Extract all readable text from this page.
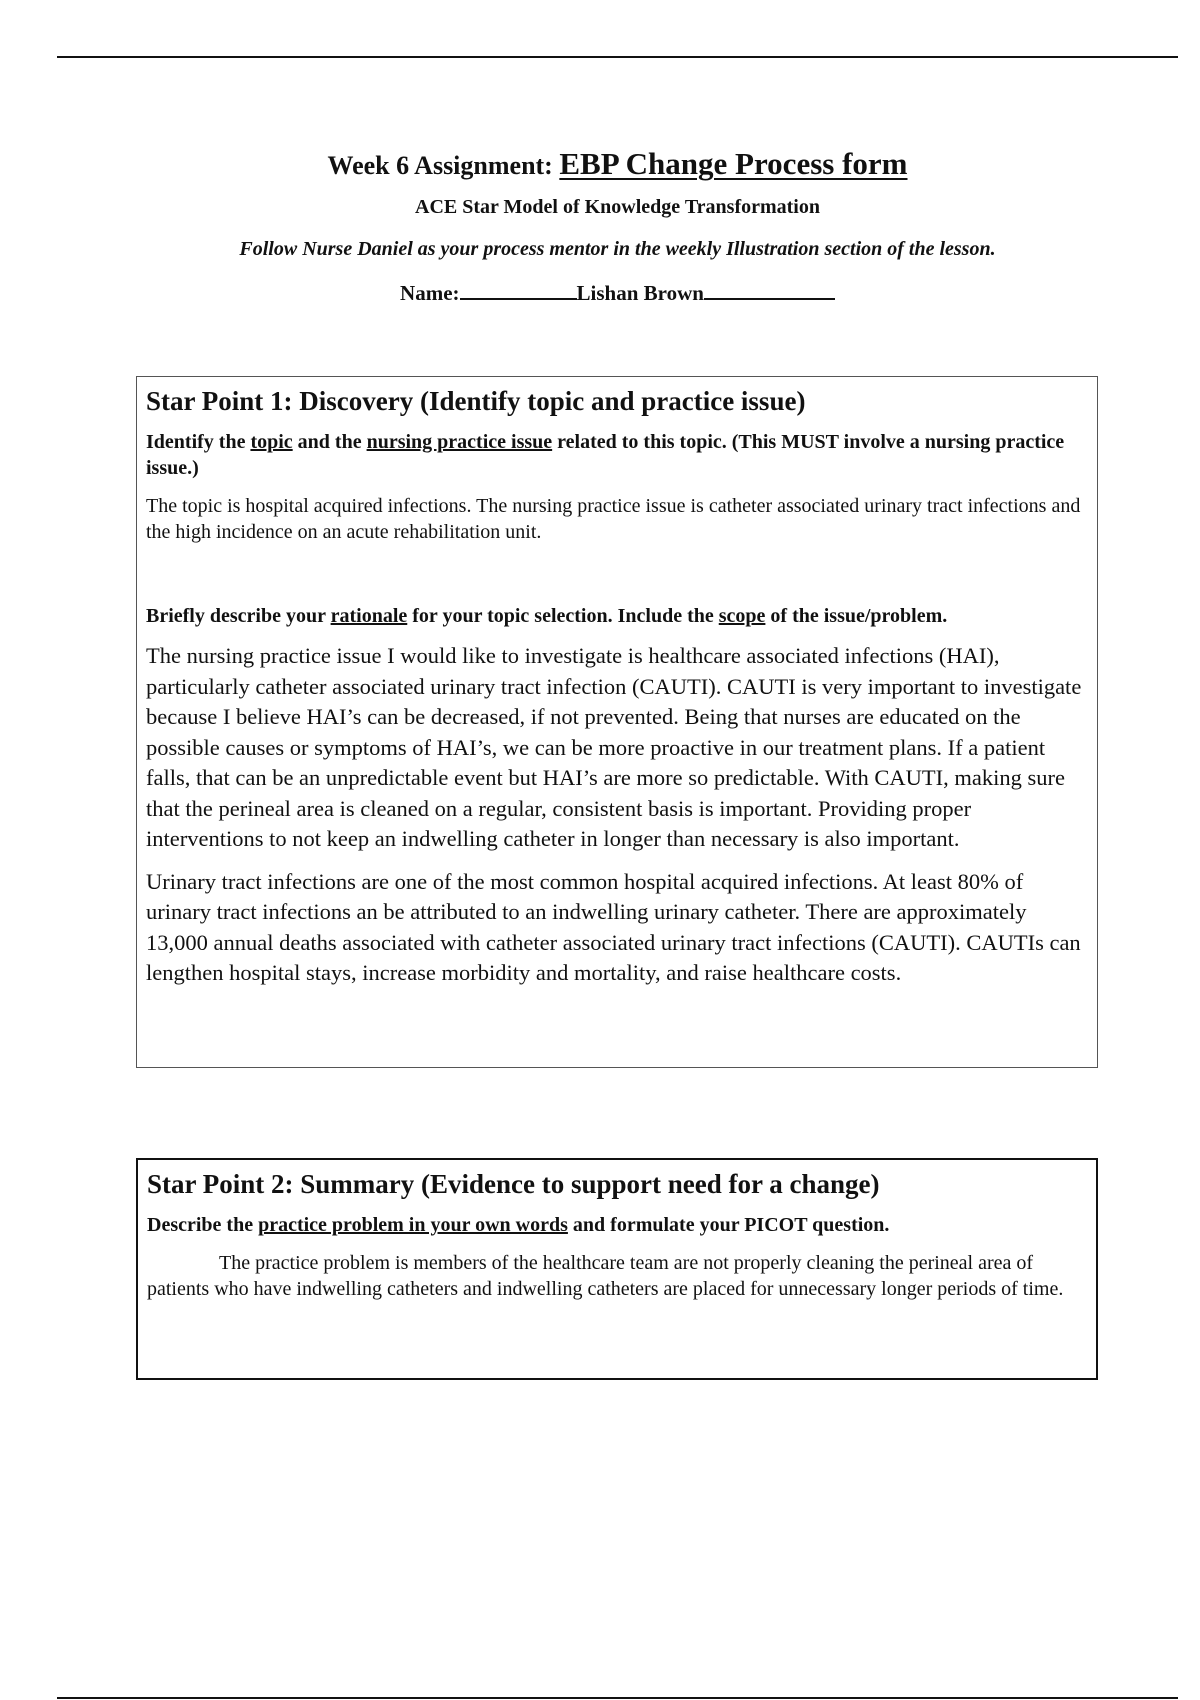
Week 6 Assignment: EBP Change Process form
ACE Star Model of Knowledge Transformation
Follow Nurse Daniel as your process mentor in the weekly Illustration section of the lesson.
Name:	Lishan Brown
Star Point 1: Discovery (Identify topic and practice issue)
Identify the topic and the nursing practice issue related to this topic. (This MUST involve a nursing practice issue.)
The topic is hospital acquired infections. The nursing practice issue is catheter associated urinary tract infections and the high incidence on an acute rehabilitation unit.
Briefly describe your rationale for your topic selection. Include the scope of the issue/problem.
The nursing practice issue I would like to investigate is healthcare associated infections (HAI), particularly catheter associated urinary tract infection (CAUTI). CAUTI is very important to investigate because I believe HAI’s can be decreased, if not prevented. Being that nurses are educated on the possible causes or symptoms of HAI’s, we can be more proactive in our treatment plans. If a patient falls, that can be an unpredictable event but HAI’s are more so predictable. With CAUTI, making sure that the perineal area is cleaned on a regular, consistent basis is important. Providing proper interventions to not keep an indwelling catheter in longer than necessary is also important.
Urinary tract infections are one of the most common hospital acquired infections. At least 80% of urinary tract infections an be attributed to an indwelling urinary catheter. There are approximately 13,000 annual deaths associated with catheter associated urinary tract infections (CAUTI). CAUTIs can lengthen hospital stays, increase morbidity and mortality, and raise healthcare costs.
Star Point 2: Summary (Evidence to support need for a change)
Describe the practice problem in your own words and formulate your PICOT question.
The practice problem is members of the healthcare team are not properly cleaning the perineal area of patients who have indwelling catheters and indwelling catheters are placed for unnecessary longer periods of time.
